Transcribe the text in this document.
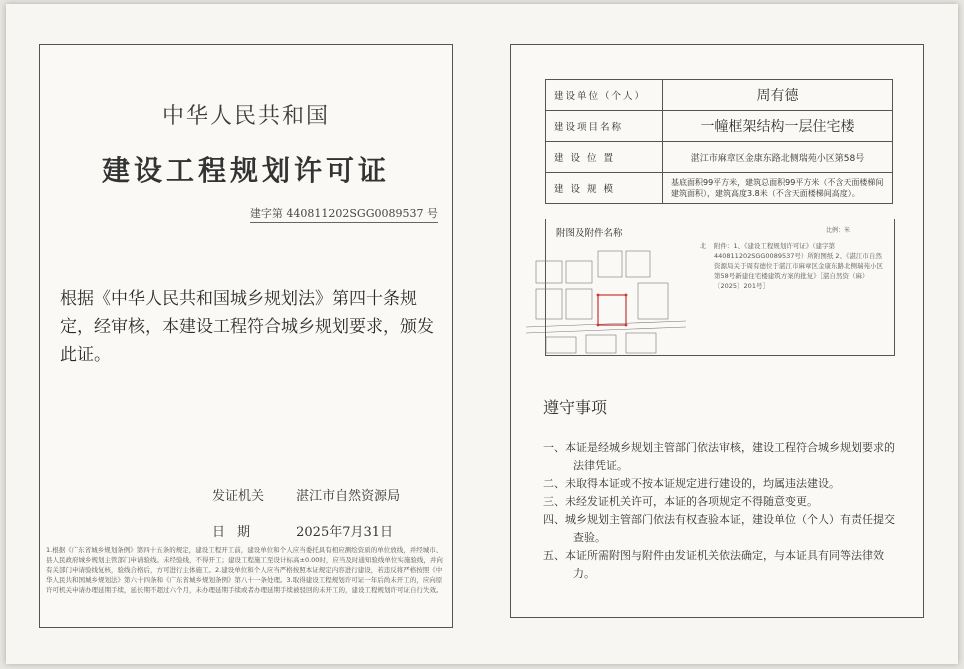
中华人民共和国
建设工程规划许可证
建字第 440811202SGG0089537 号
根据《中华人民共和国城乡规划法》第四十条规定，经审核，本建设工程符合城乡规划要求，颁发此证。
发证机关 湛江市自然资源局
日期	2025年7月31日
1.根据《广东省城乡规划条例》第四十五条的规定，建设工程开工前，建设单位和个人应当委托具有相应测绘资质的单位放线，并经城市、县人民政府城乡规划主管部门申请验线。未经验线，不得开工；建设工程施工至设计标高±0.00时，应当及时通知验线单位实施验线，并向有关部门申请验线复核，验线合格后，方可进行主体施工。2.建设单位和个人应当严格按照本证规定内容进行建设，若违反将严格按照《中华人民共和国城乡规划法》第六十四条和《广东省城乡规划条例》第八十一条处理。3.取得建设工程规划许可证一年后尚未开工的，应向原许可机关申请办理延期手续，延长期不超过六个月，未办理延期手续或者办理延期手续被驳回的未开工的，建设工程规划许可证自行失效。
建设单位（个人）	周有德
建设项目名称	一幢框架结构一层住宅楼
建 设 位 置	湛江市麻章区金康东路北侧瑞苑小区第58号
建 设 规 模	基底面积99平方米，建筑总面积99平方米（不含天面楼梯间建筑面积），建筑高度3.8米（不含天面楼梯间高度）。
附图及附件名称	比例：米
北 附件：1、《建设工程规划许可证》（建字第440811202SGG0089537号）所附图纸 2、《湛江市自然资源局关于周有德位于湛江市麻章区金康东路北侧瑞苑小区第58号新建住宅楼建筑方案的批复》［湛自然资（麻）〔2025〕201号］
遵守事项
一、本证是经城乡规划主管部门依法审核，建设工程符合城乡规划要求的法律凭证。
二、未取得本证或不按本证规定进行建设的，均属违法建设。
三、未经发证机关许可，本证的各项规定不得随意变更。
四、城乡规划主管部门依法有权查验本证，建设单位（个人）有责任提交查验。
五、本证所需附图与附件由发证机关依法确定，与本证具有同等法律效力。
